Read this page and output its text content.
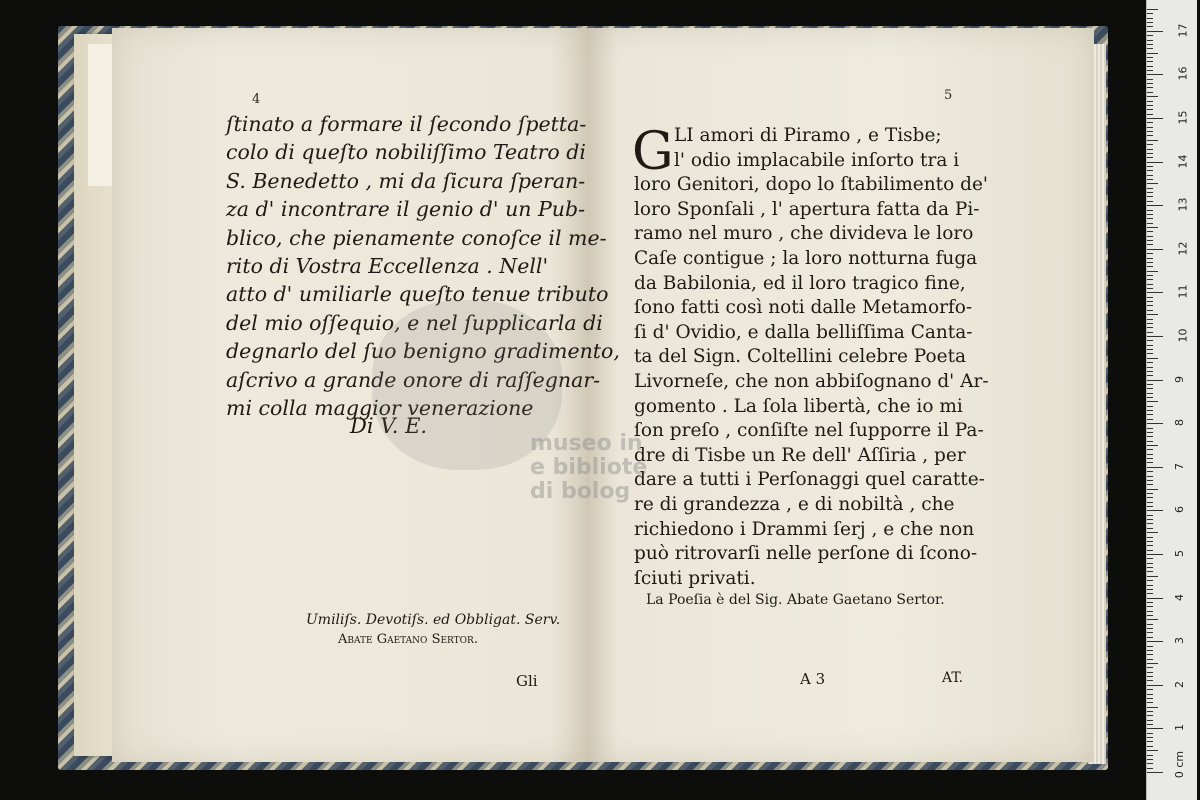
4
ſtinato a formare il ſecondo ſpetta-
colo di queſto nobiliſſimo Teatro di
S. Benedetto , mi da ſicura ſperan-
za d' incontrare il genio d' un Pub-
blico, che pienamente conoſce il me-
rito di Vostra Eccellenza . Nell'
atto d' umiliarle queſto tenue tributo
del mio oſſequio, e nel ſupplicarla di
degnarlo del ſuo benigno gradimento,
aſcrivo a grande onore di raſſegnar-
mi colla maggior venerazione
Di V. E.
Umiliſs. Devotiſs. ed Obbligat. Serv.
Abate Gaetano Sertor.
Gli
museo in
e bibliote
di bolog
5
G LI amori di Piramo , e Tisbe;
l' odio implacabile inſorto tra i
loro Genitori, dopo lo ſtabilimento de'
loro Sponſali , l' apertura fatta da Pi-
ramo nel muro , che divideva le loro
Caſe contigue ; la loro notturna fuga
da Babilonia, ed il loro tragico fine,
ſono fatti così noti dalle Metamorfo-
ſi d' Ovidio, e dalla belliſſima Canta-
ta del Sign. Coltellini celebre Poeta
Livorneſe, che non abbiſognano d' Ar-
gomento . La ſola libertà, che io mi
ſon preſo , conſiſte nel ſupporre il Pa-
dre di Tisbe un Re dell' Aſſiria , per
dare a tutti i Perſonaggi quel caratte-
re di grandezza , e di nobiltà , che
richiedono i Drammi ſerj , e che non
può ritrovarſi nelle perſone di ſcono-
ſciuti privati.
La Poeſia è del Sig. Abate Gaetano Sertor.
A 3	AT.
0 cm
1
2
3
4
5
6
7
8
9
10
11
12
13
14
15
16
17
